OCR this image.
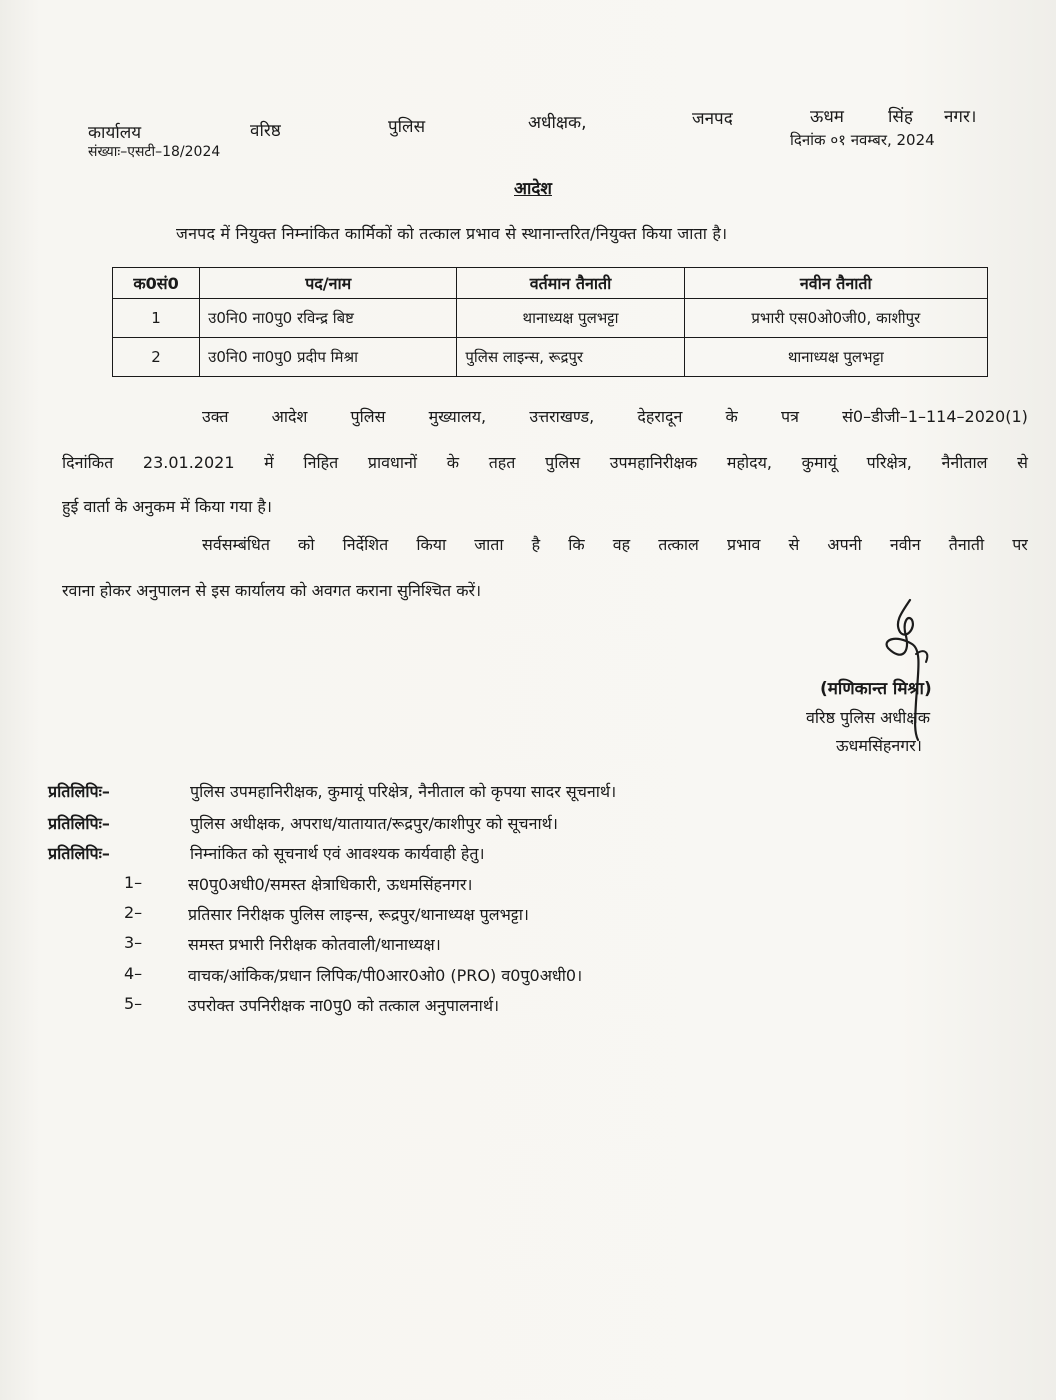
कार्यालय	वरिष्ठ	पुलिस	अधीक्षक,	जनपद	ऊधम	सिंह नगर।
संख्याः–एसटी–18/2024
दिनांक ०१ नवम्बर, 2024
आदेश
जनपद में नियुक्त निम्नांकित कार्मिकों को तत्काल प्रभाव से स्थानान्तरित/नियुक्त किया जाता है।
क0सं0	पद/नाम	वर्तमान तैनाती	नवीन तैनाती
1	उ0नि0 ना0पु0 रविन्द्र बिष्ट	थानाध्यक्ष पुलभट्टा	प्रभारी एस0ओ0जी0, काशीपुर
2	उ0नि0 ना0पु0 प्रदीप मिश्रा	पुलिस लाइन्स, रूद्रपुर	थानाध्यक्ष पुलभट्टा
उक्त	आदेश	पुलिस	मुख्यालय,	उत्तराखण्ड,	देहरादून	के	पत्र	सं0–डीजी–1–114–2020(1)
दिनांकित 23.01.2021 में निहित प्रावधानों के तहत पुलिस उपमहानिरीक्षक महोदय, कुमायूं परिक्षेत्र, नैनीताल से
हुई वार्ता के अनुकम में किया गया है।
सर्वसम्बंधित को निर्देशित किया जाता है कि वह तत्काल प्रभाव से अपनी नवीन तैनाती पर
रवाना होकर अनुपालन से इस कार्यालय को अवगत कराना सुनिश्चित करें।
(मणिकान्त मिश्रा)
वरिष्ठ पुलिस अधीक्षक
ऊधमसिंहनगर।
प्रतिलिपिः–	पुलिस उपमहानिरीक्षक, कुमायूं परिक्षेत्र, नैनीताल को कृपया सादर सूचनार्थ।
प्रतिलिपिः–	पुलिस अधीक्षक, अपराध/यातायात/रूद्रपुर/काशीपुर को सूचनार्थ।
प्रतिलिपिः–	निम्नांकित को सूचनार्थ एवं आवश्यक कार्यवाही हेतु।
1–	स0पु0अधी0/समस्त क्षेत्राधिकारी, ऊधमसिंहनगर।
2–	प्रतिसार निरीक्षक पुलिस लाइन्स, रूद्रपुर/थानाध्यक्ष पुलभट्टा।
3–	समस्त प्रभारी निरीक्षक कोतवाली/थानाध्यक्ष।
4–	वाचक/आंकिक/प्रधान लिपिक/पी0आर0ओ0 (PRO) व0पु0अधी0।
5–	उपरोक्त उपनिरीक्षक ना0पु0 को तत्काल अनुपालनार्थ।
